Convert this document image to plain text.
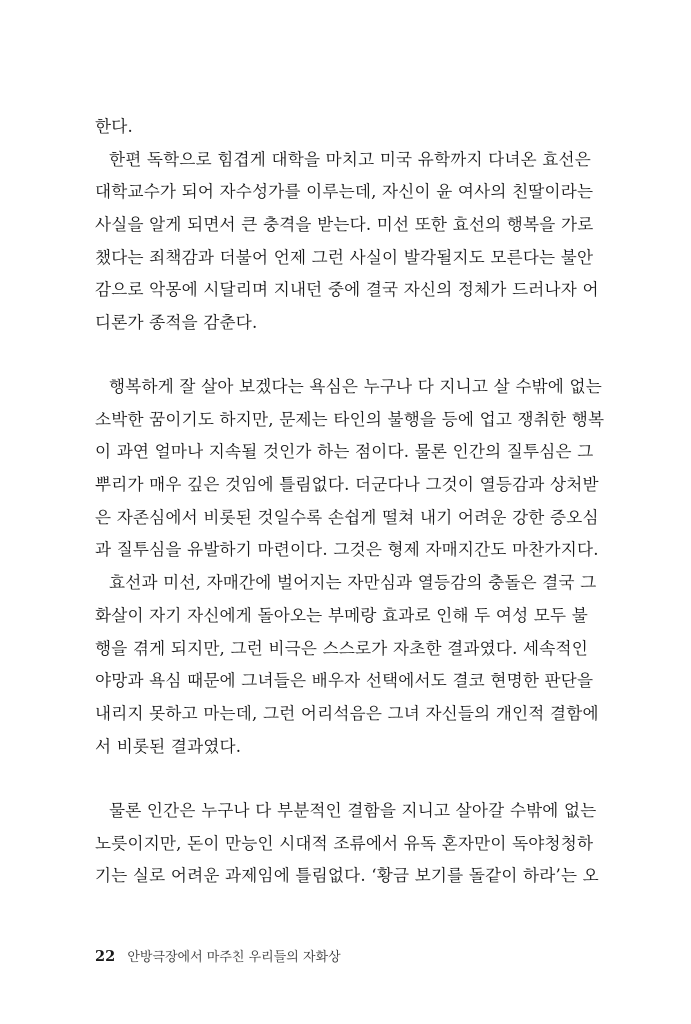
한다.
한편 독학으로 힘겹게 대학을 마치고 미국 유학까지 다녀온 효선은
대학교수가 되어 자수성가를 이루는데, 자신이 윤 여사의 친딸이라는
사실을 알게 되면서 큰 충격을 받는다. 미선 또한 효선의 행복을 가로
챘다는 죄책감과 더불어 언제 그런 사실이 발각될지도 모른다는 불안
감으로 악몽에 시달리며 지내던 중에 결국 자신의 정체가 드러나자 어
디론가 종적을 감춘다.
행복하게 잘 살아 보겠다는 욕심은 누구나 다 지니고 살 수밖에 없는
소박한 꿈이기도 하지만, 문제는 타인의 불행을 등에 업고 쟁취한 행복
이 과연 얼마나 지속될 것인가 하는 점이다. 물론 인간의 질투심은 그
뿌리가 매우 깊은 것임에 틀림없다. 더군다나 그것이 열등감과 상처받
은 자존심에서 비롯된 것일수록 손쉽게 떨쳐 내기 어려운 강한 증오심
과 질투심을 유발하기 마련이다. 그것은 형제 자매지간도 마찬가지다.
효선과 미선, 자매간에 벌어지는 자만심과 열등감의 충돌은 결국 그
화살이 자기 자신에게 돌아오는 부메랑 효과로 인해 두 여성 모두 불
행을 겪게 되지만, 그런 비극은 스스로가 자초한 결과였다. 세속적인
야망과 욕심 때문에 그녀들은 배우자 선택에서도 결코 현명한 판단을
내리지 못하고 마는데, 그런 어리석음은 그녀 자신들의 개인적 결함에
서 비롯된 결과였다.
물론 인간은 누구나 다 부분적인 결함을 지니고 살아갈 수밖에 없는
노릇이지만, 돈이 만능인 시대적 조류에서 유독 혼자만이 독야청청하
기는 실로 어려운 과제임에 틀림없다. ‘황금 보기를 돌같이 하라’는 오
22 안방극장에서 마주친 우리들의 자화상
